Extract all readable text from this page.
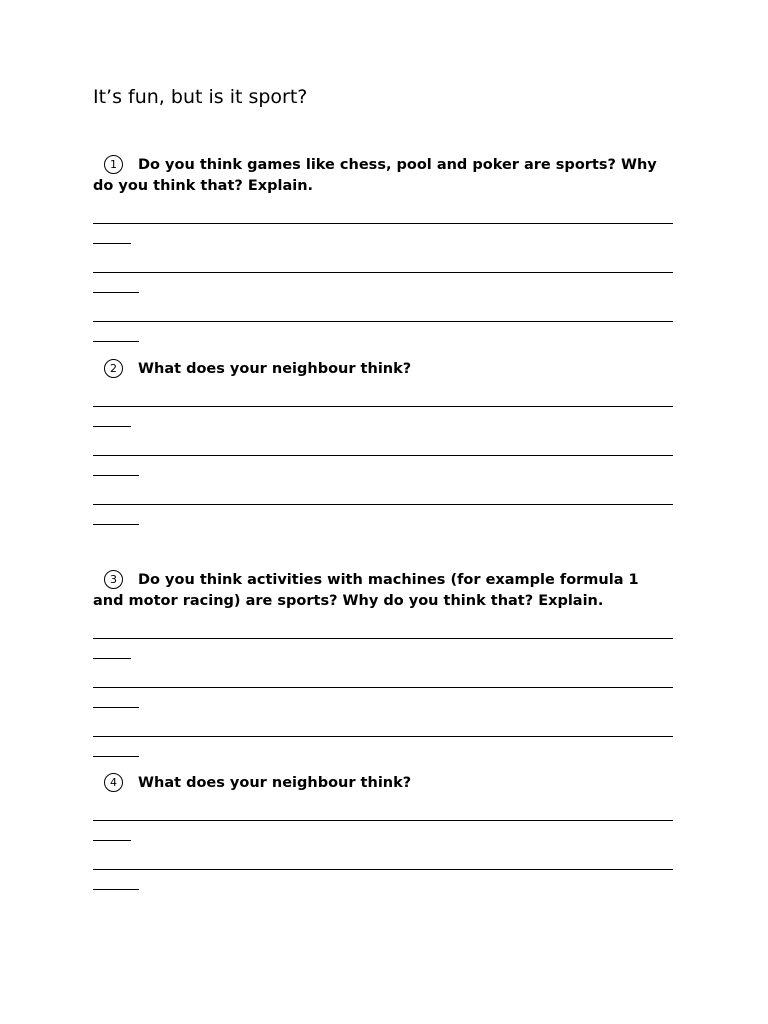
It’s fun, but is it sport?

1 Do you think games like chess, pool and poker are sports? Why do you think that? Explain.

2 What does your neighbour think?

3 Do you think activities with machines (for example formula 1 and motor racing) are sports? Why do you think that? Explain.

4 What does your neighbour think?
